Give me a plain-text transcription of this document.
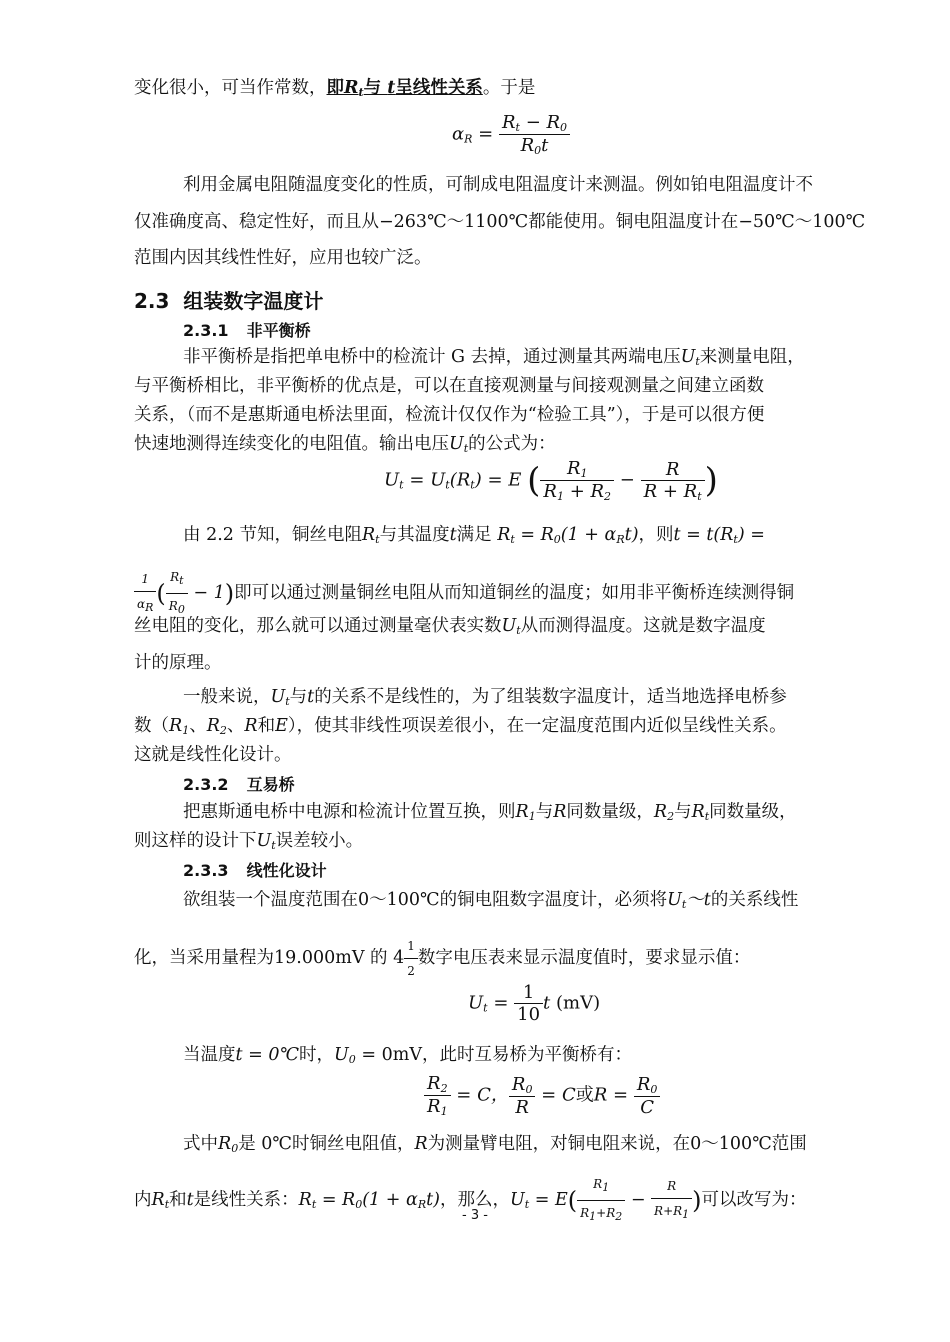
变化很小，可当作常数，即$R_t$与 t呈线性关系。于是
$\alpha_R = \frac{R_t - R_0}{R_0t}$
利用金属电阻随温度变化的性质，可制成电阻温度计来测温。例如铂电阻温度计不
仅准确度高、稳定性好，而且从−263℃～1100℃都能使用。铜电阻温度计在−50℃～100℃
范围内因其线性性好，应用也较广泛。
2.3 组装数字温度计
2.3.1 非平衡桥
非平衡桥是指把单电桥中的检流计 G 去掉，通过测量其两端电压$U_t$来测量电阻，
与平衡桥相比，非平衡桥的优点是，可以在直接观测量与间接观测量之间建立函数
关系，（而不是惠斯通电桥法里面，检流计仅仅作为“检验工具”），于是可以很方便
快速地测得连续变化的电阻值。输出电压$U_t$的公式为：
$U_t = U_t(R_t) = E$ ( $\frac{R_1}{R_1 + R_2} - \frac{R}{R + R_t}$ )
由 2.2 节知，铜丝电阻$R_t$与其温度t满足 $R_t = R_0(1 + \alpha_Rt)$，则$t = t(R_t)$ =
$\frac{1}{\alpha_R}$ ( $\frac{R_t}{R_0} - 1$)即可以通过测量铜丝电阻从而知道铜丝的温度；如用非平衡桥连续测得铜
丝电阻的变化，那么就可以通过测量毫伏表实数$U_t$从而测得温度。这就是数字温度
计的原理。
一般来说，$U_t$与t的关系不是线性的，为了组装数字温度计，适当地选择电桥参
数（$R_1$、$R_2$、R和E），使其非线性项误差很小，在一定温度范围内近似呈线性关系。
这就是线性化设计。
2.3.2 互易桥
把惠斯通电桥中电源和检流计位置互换，则$R_1$与R同数量级，$R_2$与$R_t$同数量级，
则这样的设计下$U_t$误差较小。
2.3.3 线性化设计
欲组装一个温度范围在0～100℃的铜电阻数字温度计，必须将$U_t\sim t$的关系线性
化，当采用量程为19.000mV 的 $4 \frac{1}{2}$ 数字电压表来显示温度值时，要求显示值：
$U_t = \frac{1}{10}$ t (mV)
当温度t = 0℃时，$U_0 = 0mV$，此时互易桥为平衡桥有：
$\frac{R_2}{R_1} = C$， $\frac{R_0}{R} = C$或$R = \frac{R_0}{C}$
式中$R_0$是 0℃时铜丝电阻值，R为测量臂电阻，对铜电阻来说，在0～100℃范围
内$R_t$和t是线性关系：$R_t = R_0(1 + \alpha_Rt)$，那么，$U_t = E( \frac{R_1}{R_1+R_2} - \frac{R}{R+R_1}$ )可以改写为：
- 3 -
